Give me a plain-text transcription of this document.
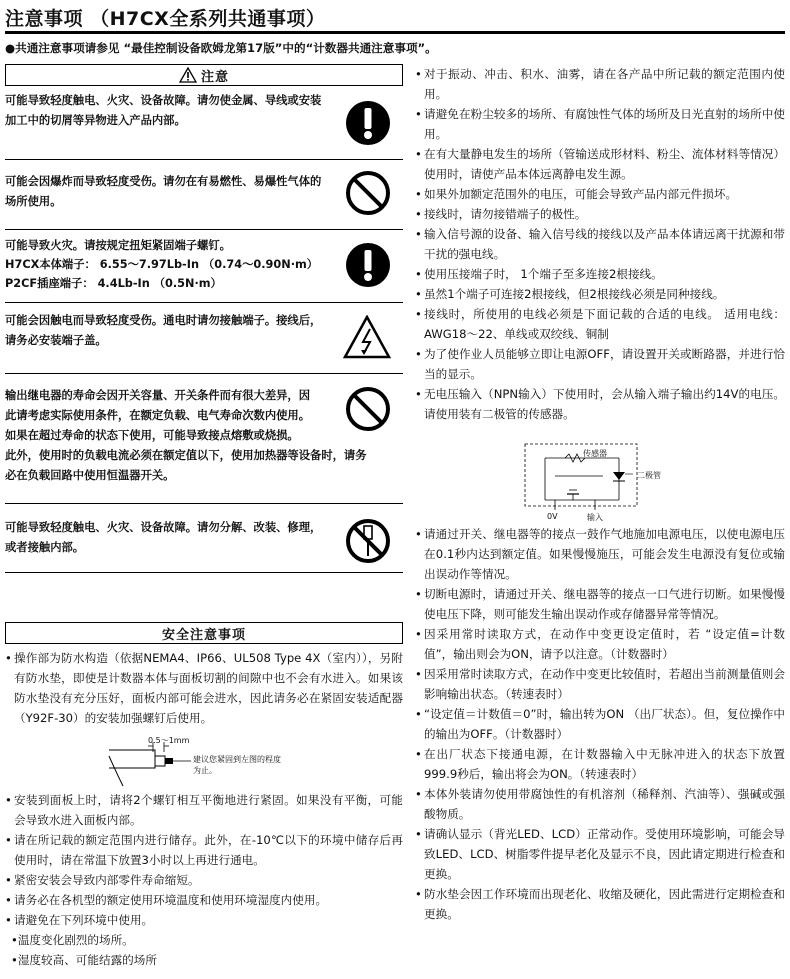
注意事项 （H7CX全系列共通事项）
●共通注意事项请参见 “最佳控制设备欧姆龙第17版”中的“计数器共通注意事项”。
注意
可能导致轻度触电、火灾、设备故障。请勿使金属、导线或安装加工中的切屑等异物进入产品内部。
可能会因爆炸而导致轻度受伤。请勿在有易燃性、易爆性气体的场所使用。
可能导致火灾。请按规定扭矩紧固端子螺钉。
H7CX本体端子： 6.55～7.97Lb-In （0.74～0.90N·m）
P2CF插座端子： 4.4Lb-In （0.5N·m）
可能会因触电而导致轻度受伤。通电时请勿接触端子。接线后，请务必安装端子盖。
输出继电器的寿命会因开关容量、开关条件而有很大差异，因此请考虑实际使用条件，在额定负载、电气寿命次数内使用。如果在超过寿命的状态下使用，可能导致接点熔敷或烧损。
此外，使用时的负载电流必须在额定值以下，使用加热器等设备时，请务必在负载回路中使用恒温器开关。
可能导致轻度触电、火灾、设备故障。请勿分解、改装、修理，或者接触内部。
安全注意事项
• 操作部为防水构造（依据NEMA4、IP66、UL508 Type 4X（室内）），另附有防水垫，即使是计数器本体与面板切割的间隙中也不会有水进入。如果该防水垫没有充分压好，面板内部可能会进水，因此请务必在紧固安装适配器（Y92F-30）的安装加强螺钉后使用。
0.5～1mm
建议您紧固到左图的程度为止。
• 安装到面板上时，请将2个螺钉相互平衡地进行紧固。如果没有平衡，可能会导致水进入面板内部。
• 请在所记载的额定范围内进行储存。此外，在-10℃以下的环境中储存后再使用时，请在常温下放置3小时以上再进行通电。
• 紧密安装会导致内部零件寿命缩短。
• 请务必在各机型的额定使用环境温度和使用环境湿度内使用。
• 请避免在下列环境中使用。
•温度变化剧烈的场所。
•湿度较高、可能结露的场所
• 对于振动、冲击、积水、油雾，请在各产品中所记载的额定范围内使用。
• 请避免在粉尘较多的场所、有腐蚀性气体的场所及日光直射的场所中使用。
• 在有大量静电发生的场所（管输送成形材料、粉尘、流体材料等情况）使用时，请使产品本体远离静电发生源。
• 如果外加额定范围外的电压，可能会导致产品内部元件损坏。
• 接线时，请勿接错端子的极性。
• 输入信号源的设备、输入信号线的接线以及产品本体请远离干扰源和带干扰的强电线。
• 使用压接端子时， 1个端子至多连接2根接线。
• 虽然1个端子可连接2根接线，但2根接线必须是同种接线。
• 接线时，所使用的电线必须是下面记载的合适的电线。 适用电线：AWG18～22、单线或双绞线、铜制
• 为了使作业人员能够立即让电源OFF，请设置开关或断路器，并进行恰当的显示。
• 无电压输入（NPN输入）下使用时，会从输入端子输出约14V的电压。请使用装有二极管的传感器。
传感器
二极管
0V	输入
• 请通过开关、继电器等的接点一鼓作气地施加电源电压，以使电源电压在0.1秒内达到额定值。如果慢慢施压，可能会发生电源没有复位或输出误动作等情况。
• 切断电源时，请通过开关、继电器等的接点一口气进行切断。如果慢慢使电压下降，则可能发生输出误动作或存储器异常等情况。
• 因采用常时读取方式，在动作中变更设定值时，若 “设定值=计数值”，输出则会为ON，请予以注意。（计数器时）
• 因采用常时读取方式，在动作中变更比较值时，若超出当前测量值则会影响输出状态。（转速表时）
• “设定值＝计数值＝0”时，输出转为ON （出厂状态）。但，复位操作中的输出为OFF。（计数器时）
• 在出厂状态下接通电源，在计数器输入中无脉冲进入的状态下放置999.9秒后，输出将会为ON。（转速表时）
• 本体外装请勿使用带腐蚀性的有机溶剂（稀释剂、汽油等）、强碱或强酸物质。
• 请确认显示（背光LED、LCD）正常动作。受使用环境影响，可能会导致LED、LCD、树脂零件提早老化及显示不良，因此请定期进行检查和更换。
• 防水垫会因工作环境而出现老化、收缩及硬化，因此需进行定期检查和更换。
